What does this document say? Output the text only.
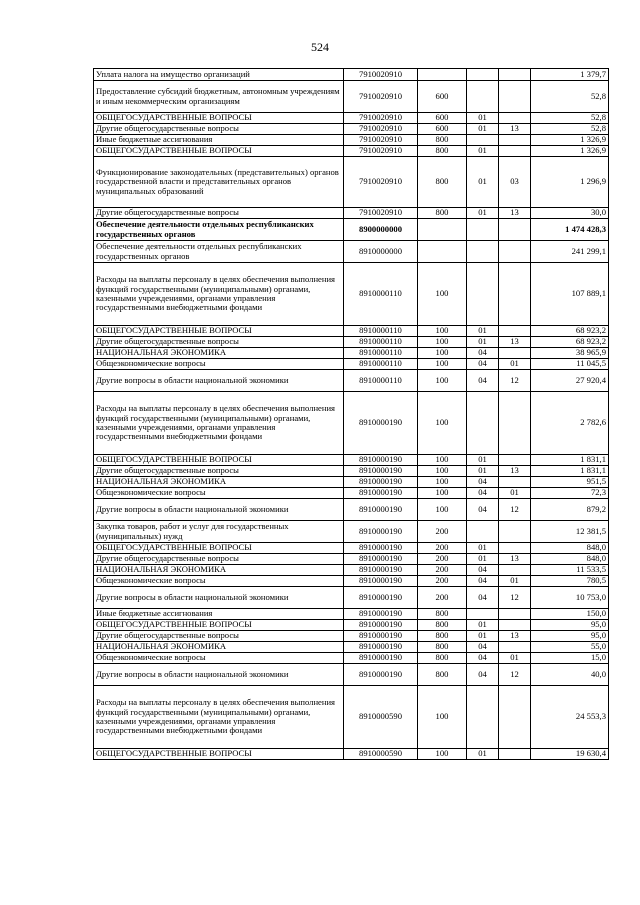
524
Уплата налога на имущество организаций	7910020910				1 379,7
Предоставление субсидий бюджетным, автономным учреждениям и иным некоммерческим организациям	7910020910	600			52,8
ОБЩЕГОСУДАРСТВЕННЫЕ ВОПРОСЫ	7910020910	600	01		52,8
Другие общегосударственные вопросы	7910020910	600	01	13	52,8
Иные бюджетные ассигнования	7910020910	800			1 326,9
ОБЩЕГОСУДАРСТВЕННЫЕ ВОПРОСЫ	7910020910	800	01		1 326,9
Функционирование законодательных (представительных) органов государственной власти и представительных органов муниципальных образований	7910020910	800	01	03	1 296,9
Другие общегосударственные вопросы	7910020910	800	01	13	30,0
Обеспечение деятельности отдельных республиканских государственных органов	8900000000				1 474 428,3
Обеспечение деятельности отдельных республиканских государственных органов	8910000000				241 299,1
Расходы на выплаты персоналу в целях обеспечения выполнения функций государственными (муниципальными) органами, казенными учреждениями, органами управления государственными внебюджетными фондами	8910000110	100			107 889,1
ОБЩЕГОСУДАРСТВЕННЫЕ ВОПРОСЫ	8910000110	100	01		68 923,2
Другие общегосударственные вопросы	8910000110	100	01	13	68 923,2
НАЦИОНАЛЬНАЯ ЭКОНОМИКА	8910000110	100	04		38 965,9
Общеэкономические вопросы	8910000110	100	04	01	11 045,5
Другие вопросы в области национальной экономики	8910000110	100	04	12	27 920,4
Расходы на выплаты персоналу в целях обеспечения выполнения функций государственными (муниципальными) органами, казенными учреждениями, органами управления государственными внебюджетными фондами	8910000190	100			2 782,6
ОБЩЕГОСУДАРСТВЕННЫЕ ВОПРОСЫ	8910000190	100	01		1 831,1
Другие общегосударственные вопросы	8910000190	100	01	13	1 831,1
НАЦИОНАЛЬНАЯ ЭКОНОМИКА	8910000190	100	04		951,5
Общеэкономические вопросы	8910000190	100	04	01	72,3
Другие вопросы в области национальной экономики	8910000190	100	04	12	879,2
Закупка товаров, работ и услуг для государственных (муниципальных) нужд	8910000190	200			12 381,5
ОБЩЕГОСУДАРСТВЕННЫЕ ВОПРОСЫ	8910000190	200	01		848,0
Другие общегосударственные вопросы	8910000190	200	01	13	848,0
НАЦИОНАЛЬНАЯ ЭКОНОМИКА	8910000190	200	04		11 533,5
Общеэкономические вопросы	8910000190	200	04	01	780,5
Другие вопросы в области национальной экономики	8910000190	200	04	12	10 753,0
Иные бюджетные ассигнования	8910000190	800			150,0
ОБЩЕГОСУДАРСТВЕННЫЕ ВОПРОСЫ	8910000190	800	01		95,0
Другие общегосударственные вопросы	8910000190	800	01	13	95,0
НАЦИОНАЛЬНАЯ ЭКОНОМИКА	8910000190	800	04		55,0
Общеэкономические вопросы	8910000190	800	04	01	15,0
Другие вопросы в области национальной экономики	8910000190	800	04	12	40,0
Расходы на выплаты персоналу в целях обеспечения выполнения функций государственными (муниципальными) органами, казенными учреждениями, органами управления государственными внебюджетными фондами	8910000590	100			24 553,3
ОБЩЕГОСУДАРСТВЕННЫЕ ВОПРОСЫ	8910000590	100	01		19 630,4
